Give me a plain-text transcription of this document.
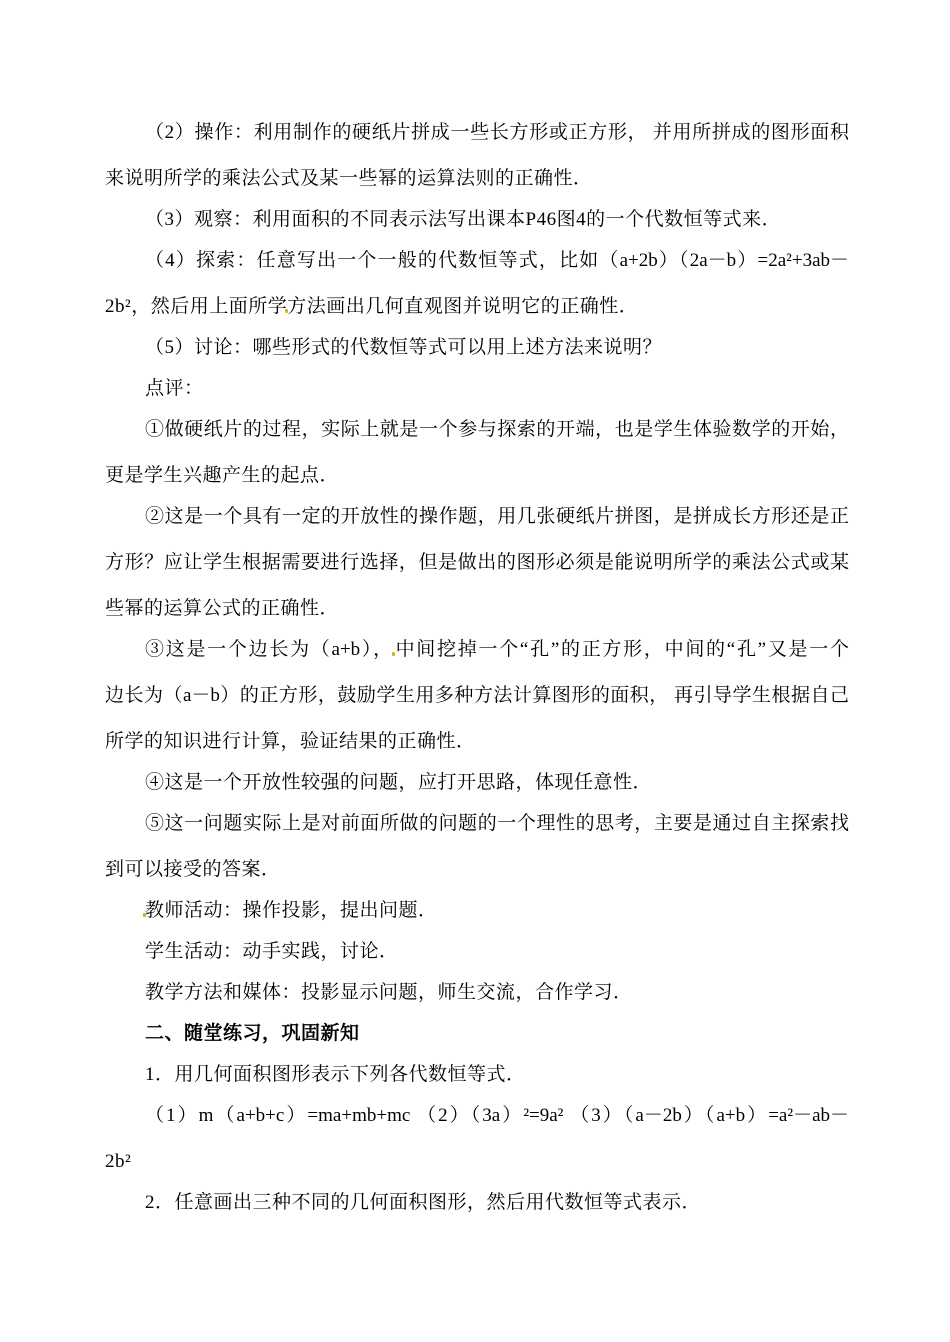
（2）操作：利用制作的硬纸片拼成一些长方形或正方形， 并用所拼成的图形面积
来说明所学的乘法公式及某一些幂的运算法则的正确性．
（3）观察：利用面积的不同表示法写出课本P46图4的一个代数恒等式来．
（4）探索：任意写出一个一般的代数恒等式，比如（a+2b）（2a－b）=2a²+3ab－
2b²，然后用上面所学方法画出几何直观图并说明它的正确性．
（5）讨论：哪些形式的代数恒等式可以用上述方法来说明？
点评：
①做硬纸片的过程，实际上就是一个参与探索的开端，也是学生体验数学的开始，
更是学生兴趣产生的起点．
②这是一个具有一定的开放性的操作题，用几张硬纸片拼图，是拼成长方形还是正
方形？应让学生根据需要进行选择，但是做出的图形必须是能说明所学的乘法公式或某
些幂的运算公式的正确性．
③这是一个边长为（a+b），中间挖掉一个“孔”的正方形，中间的“孔”又是一个
边长为（a－b）的正方形，鼓励学生用多种方法计算图形的面积， 再引导学生根据自己
所学的知识进行计算，验证结果的正确性．
④这是一个开放性较强的问题，应打开思路，体现任意性．
⑤这一问题实际上是对前面所做的问题的一个理性的思考，主要是通过自主探索找
到可以接受的答案．
教师活动：操作投影，提出问题．
学生活动：动手实践，讨论．
教学方法和媒体：投影显示问题，师生交流，合作学习．
二、随堂练习，巩固新知
1．用几何面积图形表示下列各代数恒等式．
（1）m（a+b+c）=ma+mb+mc （2）（3a）²=9a² （3）（a－2b）（a+b）=a²－ab－
2b²
2．任意画出三种不同的几何面积图形，然后用代数恒等式表示．
